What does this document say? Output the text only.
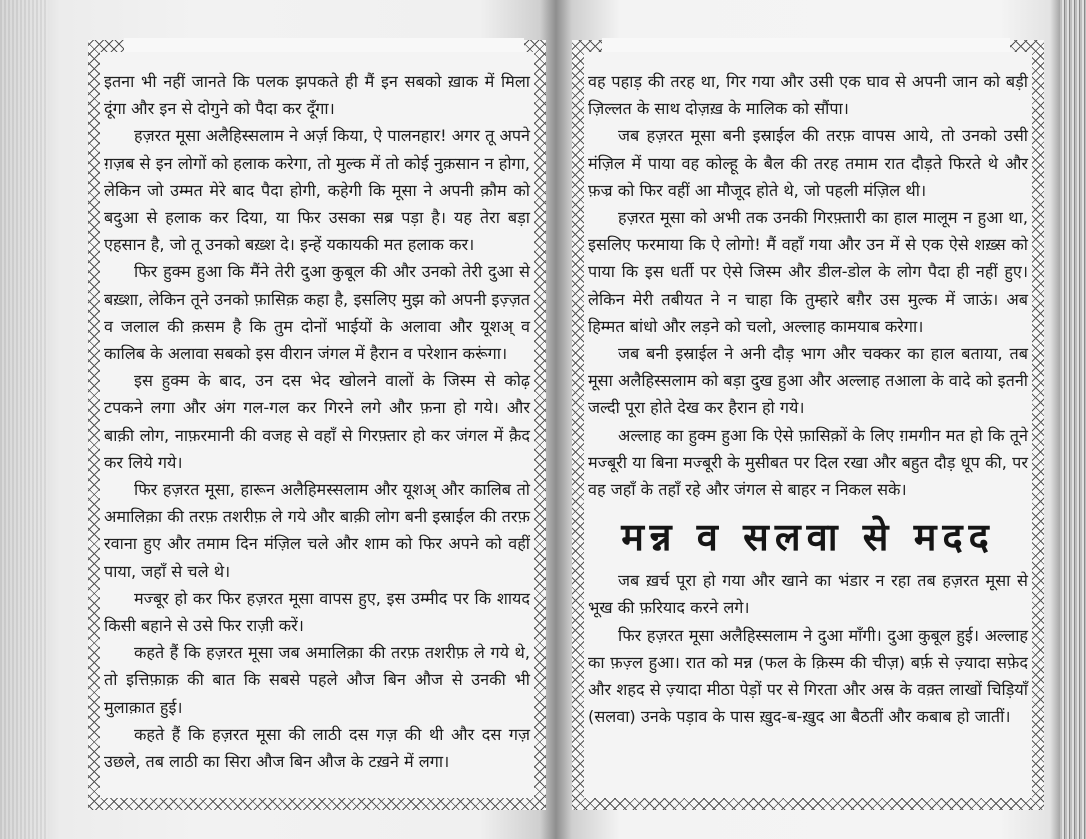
इतना भी नहीं जानते कि पलक झपकते ही मैं इन सबको ख़ाक में मिला दूंगा और इन से दोगुने को पैदा कर दूँगा।

हज़रत मूसा अलैहिस्सलाम ने अर्ज़ किया, ऐ पालनहार! अगर तू अपने ग़ज़ब से इन लोगों को हलाक करेगा, तो मुल्क में तो कोई नुक़सान न होगा, लेकिन जो उम्मत मेरे बाद पैदा होगी, कहेगी कि मूसा ने अपनी क़ौम को बदुआ से हलाक कर दिया, या फिर उसका सब्र पड़ा है। यह तेरा बड़ा एहसान है, जो तू उनको बख़्श दे। इन्हें यकायकी मत हलाक कर।

फिर हुक्म हुआ कि मैंने तेरी दुआ कुबूल की और उनको तेरी दुआ से बख़्शा, लेकिन तूने उनको फ़ासिक़ कहा है, इसलिए मुझ को अपनी इज़्ज़त व जलाल की क़सम है कि तुम दोनों भाईयों के अलावा और यूशअ् व कालिब के अलावा सबको इस वीरान जंगल में हैरान व परेशान करूंगा।

इस हुक्म के बाद, उन दस भेद खोलने वालों के जिस्म से कोढ़ टपकने लगा और अंग गल-गल कर गिरने लगे और फ़ना हो गये। और बाक़ी लोग, नाफ़रमानी की वजह से वहाँ से गिरफ़्तार हो कर जंगल में क़ैद कर लिये गये।

फिर हज़रत मूसा, हारून अलैहिमस्सलाम और यूशअ् और कालिब तो अमालिक़ा की तरफ़ तशरीफ़ ले गये और बाक़ी लोग बनी इस्राईल की तरफ़ रवाना हुए और तमाम दिन मंज़िल चले और शाम को फिर अपने को वहीं पाया, जहाँ से चले थे।

मज्बूर हो कर फिर हज़रत मूसा वापस हुए, इस उम्मीद पर कि शायद किसी बहाने से उसे फिर राज़ी करें।

कहते हैं कि हज़रत मूसा जब अमालिक़ा की तरफ़ तशरीफ़ ले गये थे, तो इत्तिफ़ाक़ की बात कि सबसे पहले औज बिन औज से उनकी भी मुलाक़ात हुई।

कहते हैं कि हज़रत मूसा की लाठी दस गज़ की थी और दस गज़ उछले, तब लाठी का सिरा औज बिन औज के टख़ने में लगा।

वह पहाड़ की तरह था, गिर गया और उसी एक घाव से अपनी जान को बड़ी ज़िल्लत के साथ दोज़ख़ के मालिक को सौंपा।

जब हज़रत मूसा बनी इस्राईल की तरफ़ वापस आये, तो उनको उसी मंज़िल में पाया वह कोल्हू के बैल की तरह तमाम रात दौड़ते फिरते थे और फ़ज्र को फिर वहीं आ मौजूद होते थे, जो पहली मंज़िल थी।

हज़रत मूसा को अभी तक उनकी गिरफ़्तारी का हाल मालूम न हुआ था, इसलिए फरमाया कि ऐ लोगो! मैं वहाँ गया और उन में से एक ऐसे शख़्स को पाया कि इस धर्ती पर ऐसे जिस्म और डील-डोल के लोग पैदा ही नहीं हुए। लेकिन मेरी तबीयत ने न चाहा कि तुम्हारे बग़ैर उस मुल्क में जाऊं। अब हिम्मत बांधो और लड़ने को चलो, अल्लाह कामयाब करेगा।

जब बनी इस्राईल ने अनी दौड़ भाग और चक्कर का हाल बताया, तब मूसा अलैहिस्सलाम को बड़ा दुख हुआ और अल्लाह तआला के वादे को इतनी जल्दी पूरा होते देख कर हैरान हो गये।

अल्लाह का हुक्म हुआ कि ऐसे फ़ासिक़ों के लिए ग़मगीन मत हो कि तूने मज्बूरी या बिना मज्बूरी के मुसीबत पर दिल रखा और बहुत दौड़ धूप की, पर वह जहाँ के तहाँ रहे और जंगल से बाहर न निकल सके।

मन्न व सलवा से मदद

जब ख़र्च पूरा हो गया और खाने का भंडार न रहा तब हज़रत मूसा से भूख की फ़रियाद करने लगे।

फिर हज़रत मूसा अलैहिस्सलाम ने दुआ माँगी। दुआ कुबूल हुई। अल्लाह का फ़ज़्ल हुआ। रात को मन्न (फल के क़िस्म की चीज़) बर्फ़ से ज़्यादा सफ़ेद और शहद से ज़्यादा मीठा पेड़ों पर से गिरता और अस्र के वक़्त लाखों चिड़ियाँ (सलवा) उनके पड़ाव के पास ख़ुद-ब-ख़ुद आ बैठतीं और कबाब हो जातीं।
